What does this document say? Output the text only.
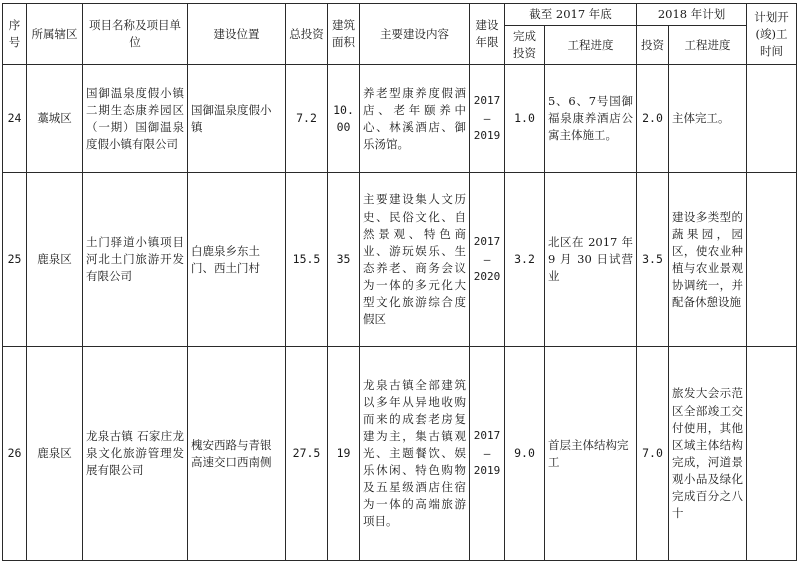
序号	所属辖区	项目名称及项目单位	建设位置	总投资	建筑面积	主要建设内容	建设年限	截至 2017 年底		2018 年计划		计划开(竣)工时间
								完成投资	工程进度	投资	工程进度	
24	藁城区	国御温泉度假小镇二期生态康养园区（一期）国御温泉度假小镇有限公司	国御温泉度假小镇	7.2	10.00	养老型康养度假酒店、老年颐养中心、林溪酒店、御乐汤馆。	2017
—
2019	1.0	5、6、7号国御福泉康养酒店公寓主体施工。	2.0	主体完工。	
25	鹿泉区	土门驿道小镇项目 河北土门旅游开发有限公司	白鹿泉乡东土门、西土门村	15.5	35	主要建设集人文历史、民俗文化、自然景观、特色商业、游玩娱乐、生态养老、商务会议为一体的多元化大型文化旅游综合度假区	2017
—
2020	3.2	北区在 2017 年 9 月 30 日试营业	3.5	建设多类型的蔬果园，园区，使农业种植与农业景观协调统一，并配备休憩设施	
26	鹿泉区	龙泉古镇 石家庄龙泉文化旅游管理发展有限公司	槐安西路与青银高速交口西南侧	27.5	19	龙泉古镇全部建筑以多年从异地收购而来的成套老房复建为主，集古镇观光、主题餐饮、娱乐休闲、特色购物及五星级酒店住宿为一体的高端旅游项目。	2017
—
2019	9.0	首层主体结构完工	7.0	旅发大会示范区全部竣工交付使用，其他区域主体结构完成，河道景观小品及绿化完成百分之八十	
